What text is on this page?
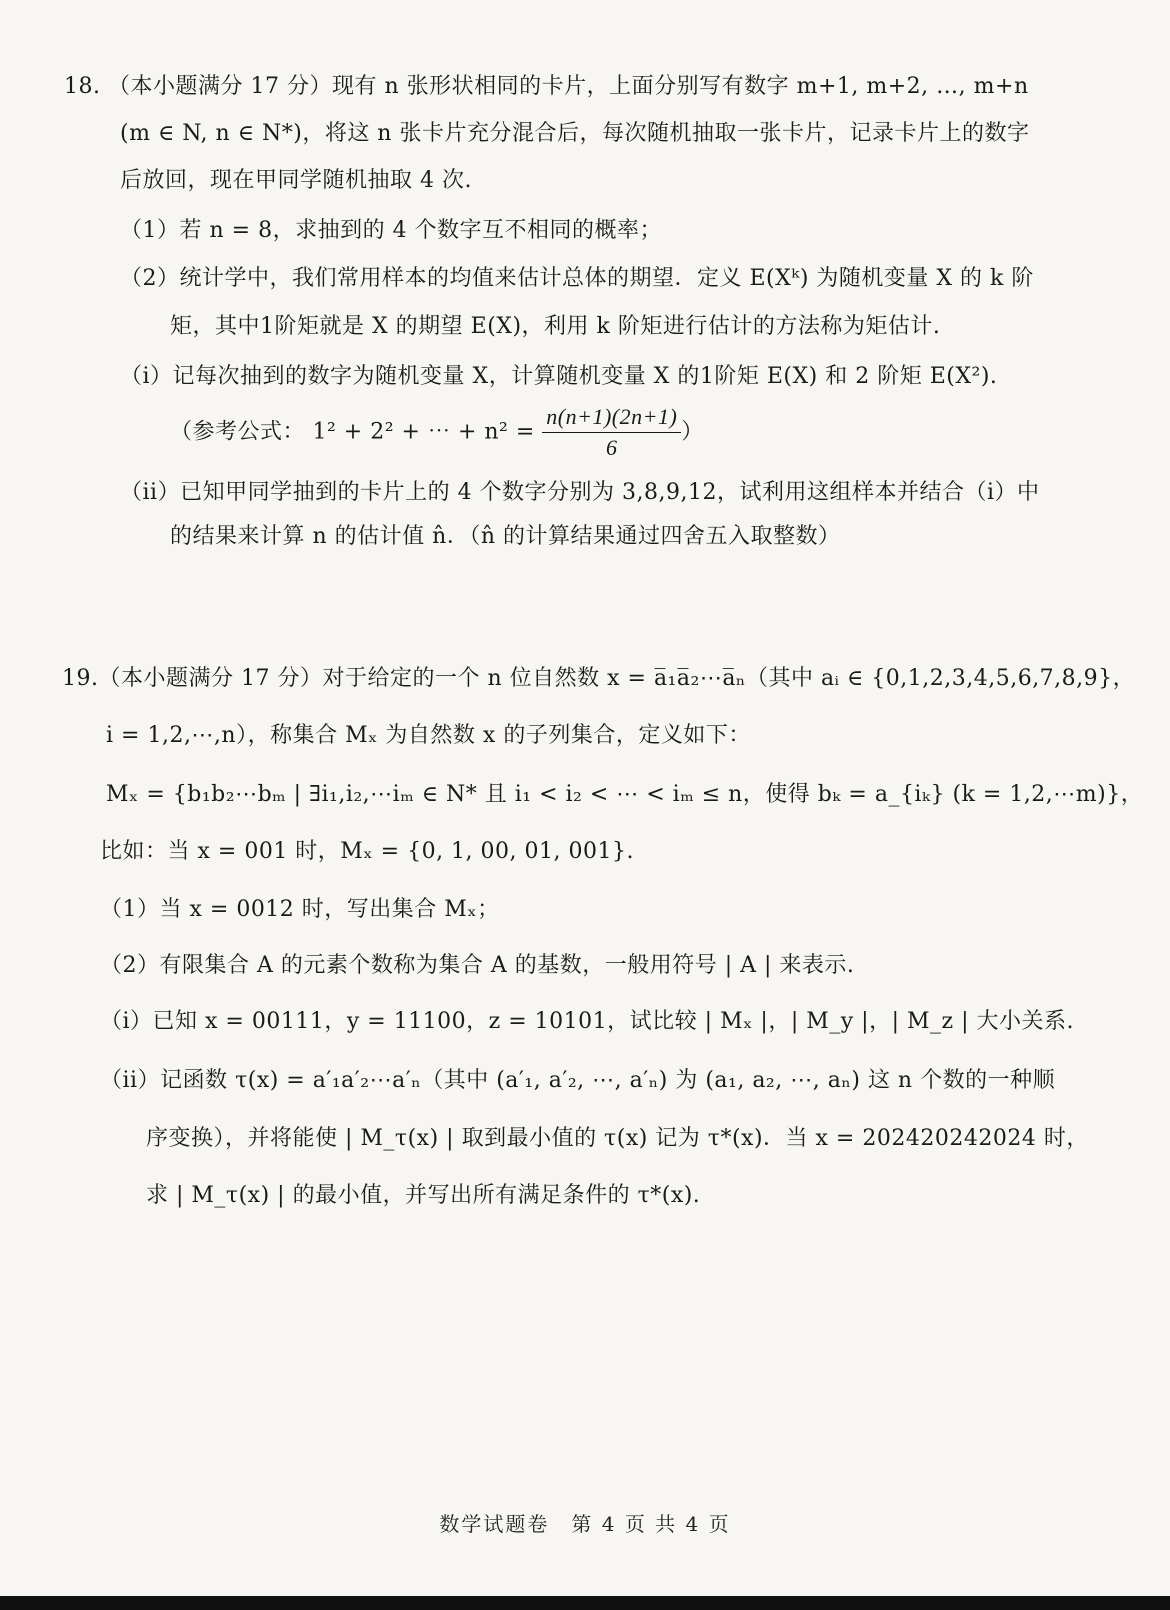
18. （本小题满分 17 分）现有 n 张形状相同的卡片，上面分别写有数字 m+1, m+2, …, m+n
(m ∈ N, n ∈ N*)，将这 n 张卡片充分混合后，每次随机抽取一张卡片，记录卡片上的数字
后放回，现在甲同学随机抽取 4 次.
（1）若 n = 8，求抽到的 4 个数字互不相同的概率；
（2）统计学中，我们常用样本的均值来估计总体的期望．定义 E(Xᵏ) 为随机变量 X 的 k 阶
矩，其中1阶矩就是 X 的期望 E(X)，利用 k 阶矩进行估计的方法称为矩估计.
（i）记每次抽到的数字为随机变量 X，计算随机变量 X 的1阶矩 E(X) 和 2 阶矩 E(X²).
（参考公式： 1² + 2² + ⋯ + $n^2 = \frac{n(n+1)(2n+1)}{6}$ ）
（ii）已知甲同学抽到的卡片上的 4 个数字分别为 3,8,9,12，试利用这组样本并结合（i）中
的结果来计算 n 的估计值 n̂．（n̂ 的计算结果通过四舍五入取整数）
19.（本小题满分 17 分）对于给定的一个 n 位自然数 x = a̅₁a̅₂⋯a̅ₙ（其中 aᵢ ∈ {0,1,2,3,4,5,6,7,8,9}，
i = 1,2,⋯,n），称集合 Mₓ 为自然数 x 的子列集合，定义如下：
Mₓ = {b₁b₂⋯bₘ | ∃i₁,i₂,⋯iₘ ∈ N* 且 i₁ < i₂ < ⋯ < iₘ ≤ n，使得 bₖ = a_{iₖ} (k = 1,2,⋯m)}，
比如：当 x = 001 时，Mₓ = {0, 1, 00, 01, 001}.
（1）当 x = 0012 时，写出集合 Mₓ；
（2）有限集合 A 的元素个数称为集合 A 的基数，一般用符号 | A | 来表示.
（i）已知 x = 00111，y = 11100，z = 10101，试比较 | Mₓ |，| M_y |，| M_z | 大小关系.
（ii）记函数 τ(x) = a′₁a′₂⋯a′ₙ（其中 (a′₁, a′₂, ⋯, a′ₙ) 为 (a₁, a₂, ⋯, aₙ) 这 n 个数的一种顺
序变换），并将能使 | M_τ(x) | 取到最小值的 τ(x) 记为 τ*(x)．当 x = 202420242024 时，
求 | M_τ(x) | 的最小值，并写出所有满足条件的 τ*(x).
数学试题卷　第 4 页 共 4 页
